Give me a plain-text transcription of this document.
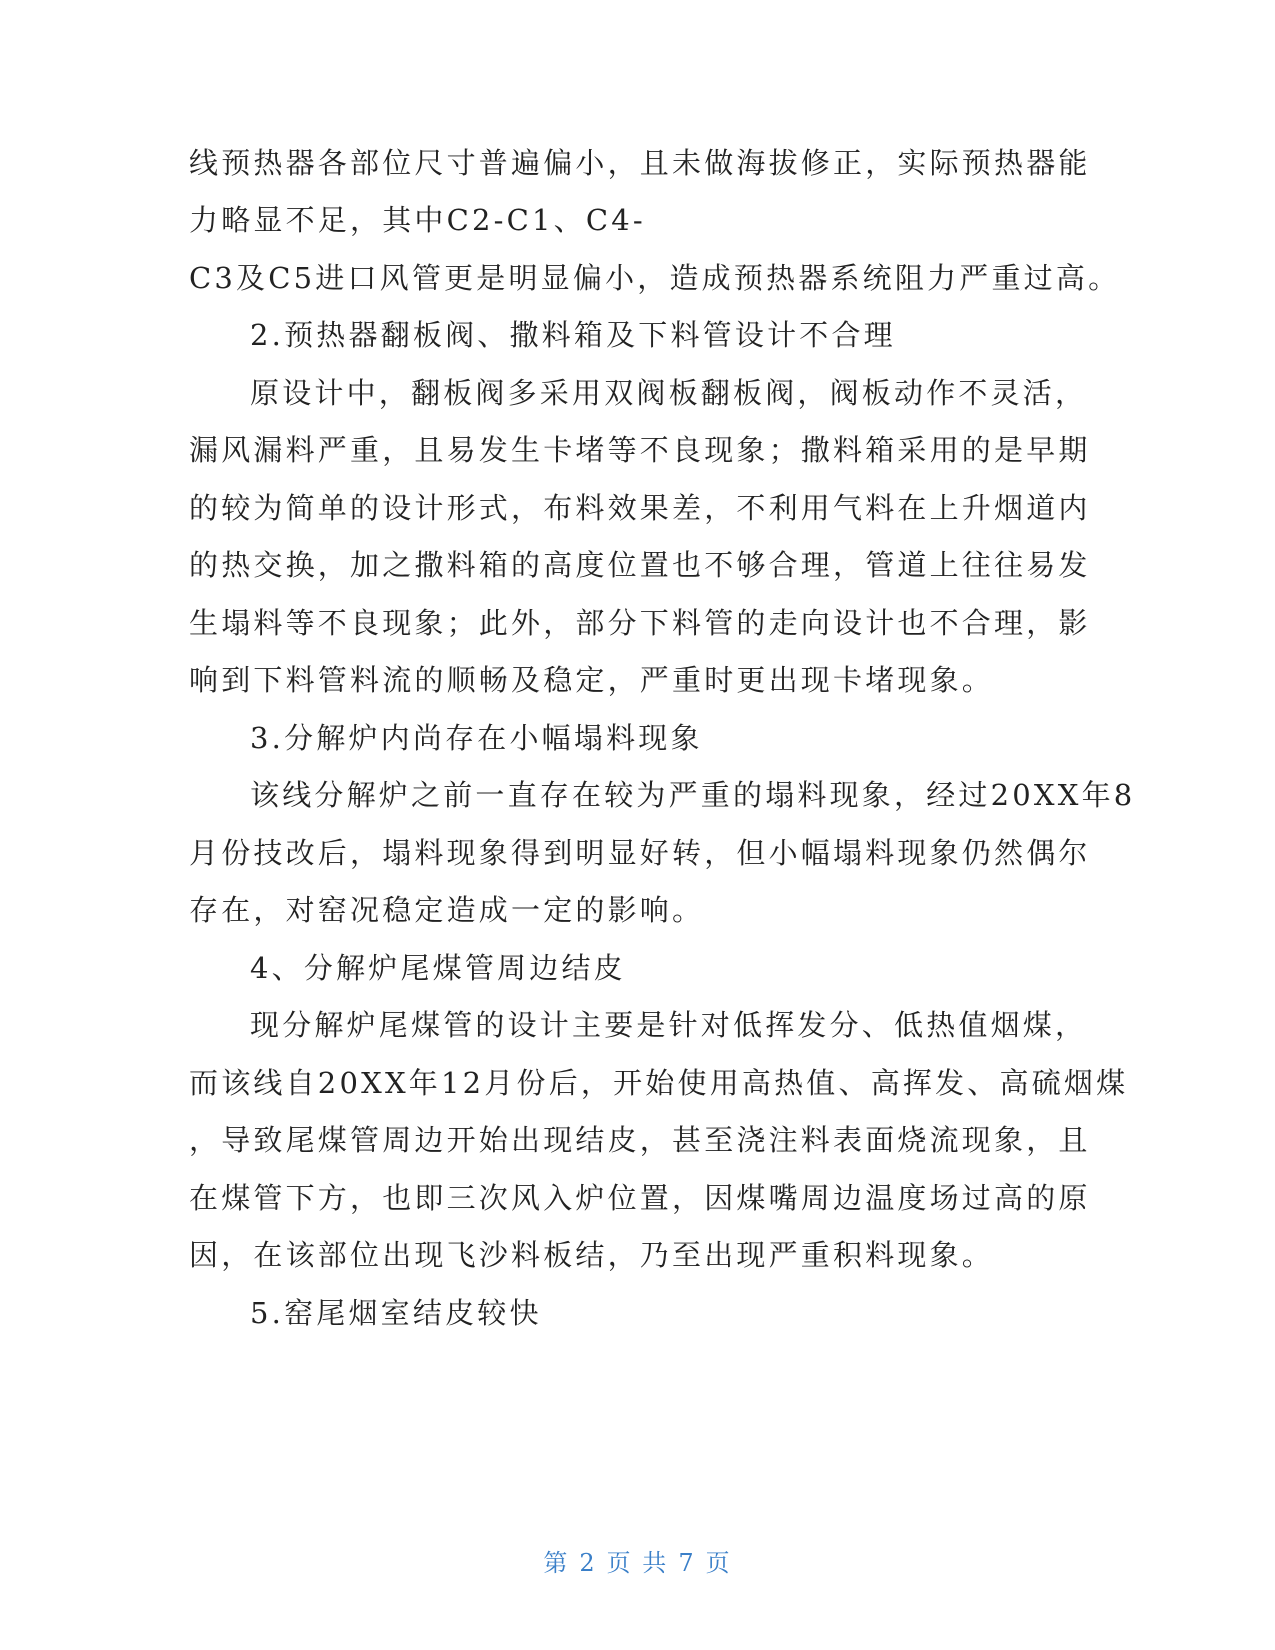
线预热器各部位尺寸普遍偏小，且未做海拔修正，实际预热器能
力略显不足，其中C2-C1、C4-
C3及C5进口风管更是明显偏小，造成预热器系统阻力严重过高。
2.预热器翻板阀、撒料箱及下料管设计不合理
原设计中，翻板阀多采用双阀板翻板阀，阀板动作不灵活，
漏风漏料严重，且易发生卡堵等不良现象；撒料箱采用的是早期
的较为简单的设计形式，布料效果差，不利用气料在上升烟道内
的热交换，加之撒料箱的高度位置也不够合理，管道上往往易发
生塌料等不良现象；此外，部分下料管的走向设计也不合理，影
响到下料管料流的顺畅及稳定，严重时更出现卡堵现象。
3.分解炉内尚存在小幅塌料现象
该线分解炉之前一直存在较为严重的塌料现象，经过20XX年8
月份技改后，塌料现象得到明显好转，但小幅塌料现象仍然偶尔
存在，对窑况稳定造成一定的影响。
4、分解炉尾煤管周边结皮
现分解炉尾煤管的设计主要是针对低挥发分、低热值烟煤，
而该线自20XX年12月份后，开始使用高热值、高挥发、高硫烟煤
，导致尾煤管周边开始出现结皮，甚至浇注料表面烧流现象，且
在煤管下方，也即三次风入炉位置，因煤嘴周边温度场过高的原
因，在该部位出现飞沙料板结，乃至出现严重积料现象。
5.窑尾烟室结皮较快
第 2 页 共 7 页
